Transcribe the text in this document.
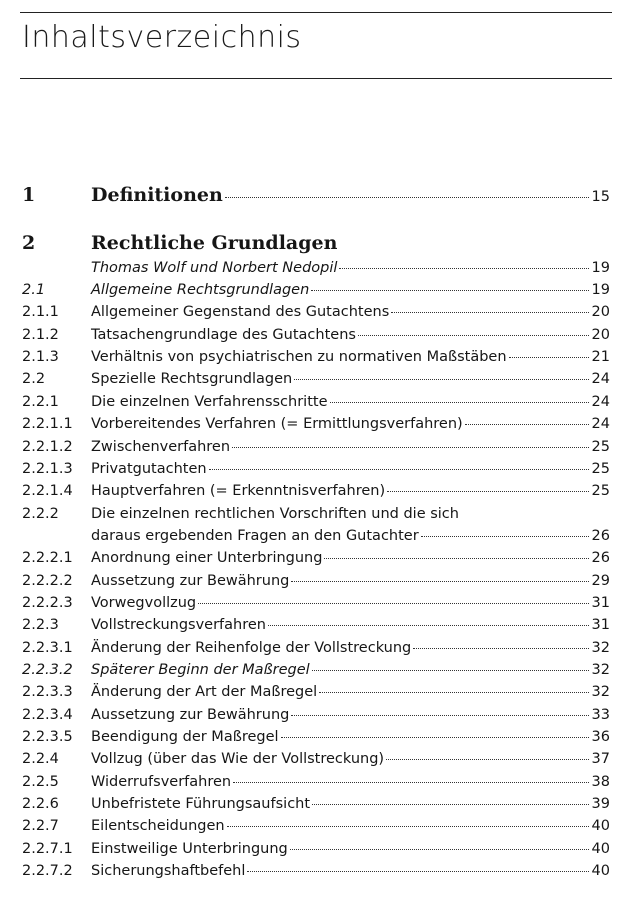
Inhaltsverzeichnis
1	Definitionen	15
2	Rechtliche Grundlagen
Thomas Wolf und Norbert Nedopil	19
2.1	Allgemeine Rechtsgrundlagen	19
2.1.1 Allgemeiner Gegenstand des Gutachtens	20
2.1.2 Tatsachengrundlage des Gutachtens	20
2.1.3 Verhältnis von psychiatrischen zu normativen Maßstäben	21
2.2	Spezielle Rechtsgrundlagen	24
2.2.1 Die einzelnen Verfahrensschritte	24
2.2.1.1 Vorbereitendes Verfahren (= Ermittlungsverfahren)	24
2.2.1.2 Zwischenverfahren	25
2.2.1.3 Privatgutachten	25
2.2.1.4 Hauptverfahren (= Erkenntnisverfahren)	25
2.2.2 Die einzelnen rechtlichen Vorschriften und die sich
daraus ergebenden Fragen an den Gutachter	26
2.2.2.1 Anordnung einer Unterbringung	26
2.2.2.2 Aussetzung zur Bewährung	29
2.2.2.3 Vorwegvollzug	31
2.2.3 Vollstreckungsverfahren	31
2.2.3.1 Änderung der Reihenfolge der Vollstreckung	32
2.2.3.2 Späterer Beginn der Maßregel	32
2.2.3.3 Änderung der Art der Maßregel	32
2.2.3.4 Aussetzung zur Bewährung	33
2.2.3.5 Beendigung der Maßregel	36
2.2.4 Vollzug (über das Wie der Vollstreckung)	37
2.2.5 Widerrufsverfahren	38
2.2.6 Unbefristete Führungsaufsicht	39
2.2.7 Eilentscheidungen	40
2.2.7.1 Einstweilige Unterbringung	40
2.2.7.2 Sicherungshaftbefehl	40
